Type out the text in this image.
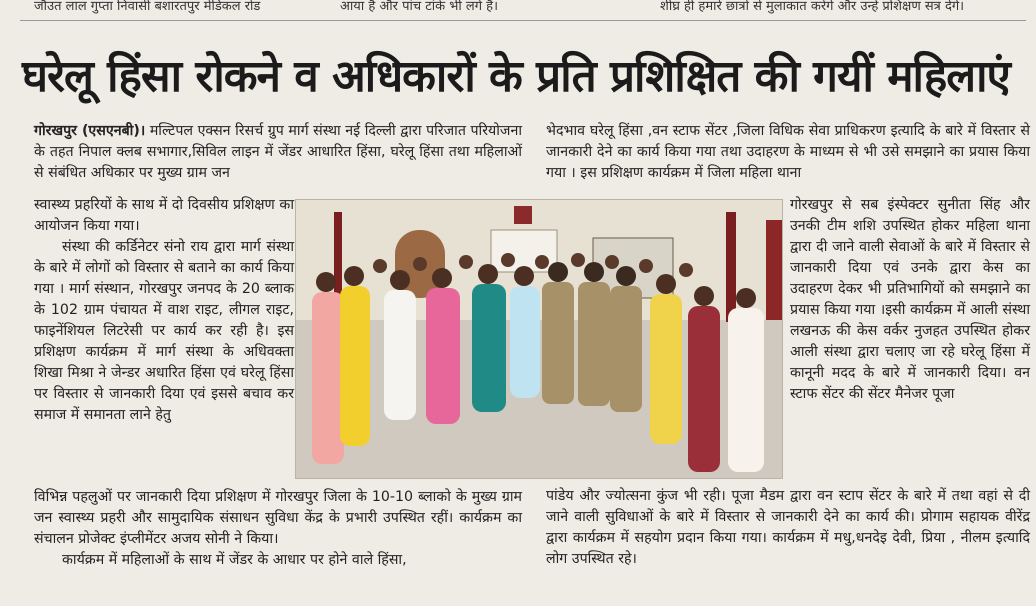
जौउत लाल गुप्ता निवासी बशारतपुर मेडिकल रोड	आया है और पांच टांके भी लगे हैं।	शीघ्र ही हमारे छात्रों से मुलाकात करेंगे और उन्हें प्रशिक्षण सत्र देंगे।
घरेलू हिंसा रोकने व अधिकारों के प्रति प्रशिक्षित की गयीं महिलाएं

गोरखपुर (एसएनबी)। मल्टिपल एक्सन रिसर्च ग्रुप मार्ग संस्था नई दिल्ली द्वारा परिजात परियोजना के तहत निपाल क्लब सभागार,सिविल लाइन में जेंडर आधारित हिंसा, घरेलू हिंसा तथा महिलाओं से संबंधित अधिकार पर मुख्य ग्राम जन

स्वास्थ्य प्रहरियों के साथ में दो दिवसीय प्रशिक्षण का आयोजन किया गया।

संस्था की कर्डिनेटर संनो राय द्वारा मार्ग संस्था के बारे में लोगों को विस्तार से बताने का कार्य किया गया । मार्ग संस्थान, गोरखपुर जनपद के 20 ब्लाक के 102 ग्राम पंचायत में वाश राइट, लीगल राइट, फाइनेंशियल लिटरेसी पर कार्य कर रही है। इस प्रशिक्षण कार्यक्रम में मार्ग संस्था के अधिवक्ता शिखा मिश्रा ने जेन्डर अधारित हिंसा एवं घरेलू हिंसा पर विस्तार से जानकारी दिया एवं इससे बचाव कर समाज में समानता लाने हेतु

विभिन्न पहलुओं पर जानकारी दिया प्रशिक्षण में गोरखपुर जिला के 10-10 ब्लाको के मुख्य ग्राम जन स्वास्थ्य प्रहरी और सामुदायिक संसाधन सुविधा केंद्र के प्रभारी उपस्थित रहीं। कार्यक्रम का संचालन प्रोजेक्ट इंप्लीमेंटर अजय सोनी ने किया।

कार्यक्रम में महिलाओं के साथ में जेंडर के आधार पर होने वाले हिंसा,

भेदभाव घरेलू हिंसा ,वन स्टाफ सेंटर ,जिला विधिक सेवा प्राधिकरण इत्यादि के बारे में विस्तार से जानकारी देने का कार्य किया गया तथा उदाहरण के माध्यम से भी उसे समझाने का प्रयास किया गया । इस प्रशिक्षण कार्यक्रम में जिला महिला थाना

गोरखपुर से सब इंस्पेक्टर सुनीता सिंह और उनकी टीम शशि उपस्थित होकर महिला थाना द्वारा दी जाने वाली सेवाओं के बारे में विस्तार से जानकारी दिया एवं उनके द्वारा केस का उदाहरण देकर भी प्रतिभागियों को समझाने का प्रयास किया गया ।इसी कार्यक्रम में आली संस्था लखनऊ की केस वर्कर नुजहत उपस्थित होकर आली संस्था द्वारा चलाए जा रहे घरेलू हिंसा में कानूनी मदद के बारे में जानकारी दिया। वन स्टाफ सेंटर की सेंटर मैनेजर पूजा

पांडेय और ज्योत्सना कुंज भी रही। पूजा मैडम द्वारा वन स्टाप सेंटर के बारे में तथा वहां से दी जाने वाली सुविधाओं के बारे में विस्तार से जानकारी देने का कार्य की। प्रोगाम सहायक वीरेंद्र द्वारा कार्यक्रम में सहयोग प्रदान किया गया। कार्यक्रम में मधु,धनदेइ देवी, प्रिया , नीलम इत्यादि लोग उपस्थित रहे।
